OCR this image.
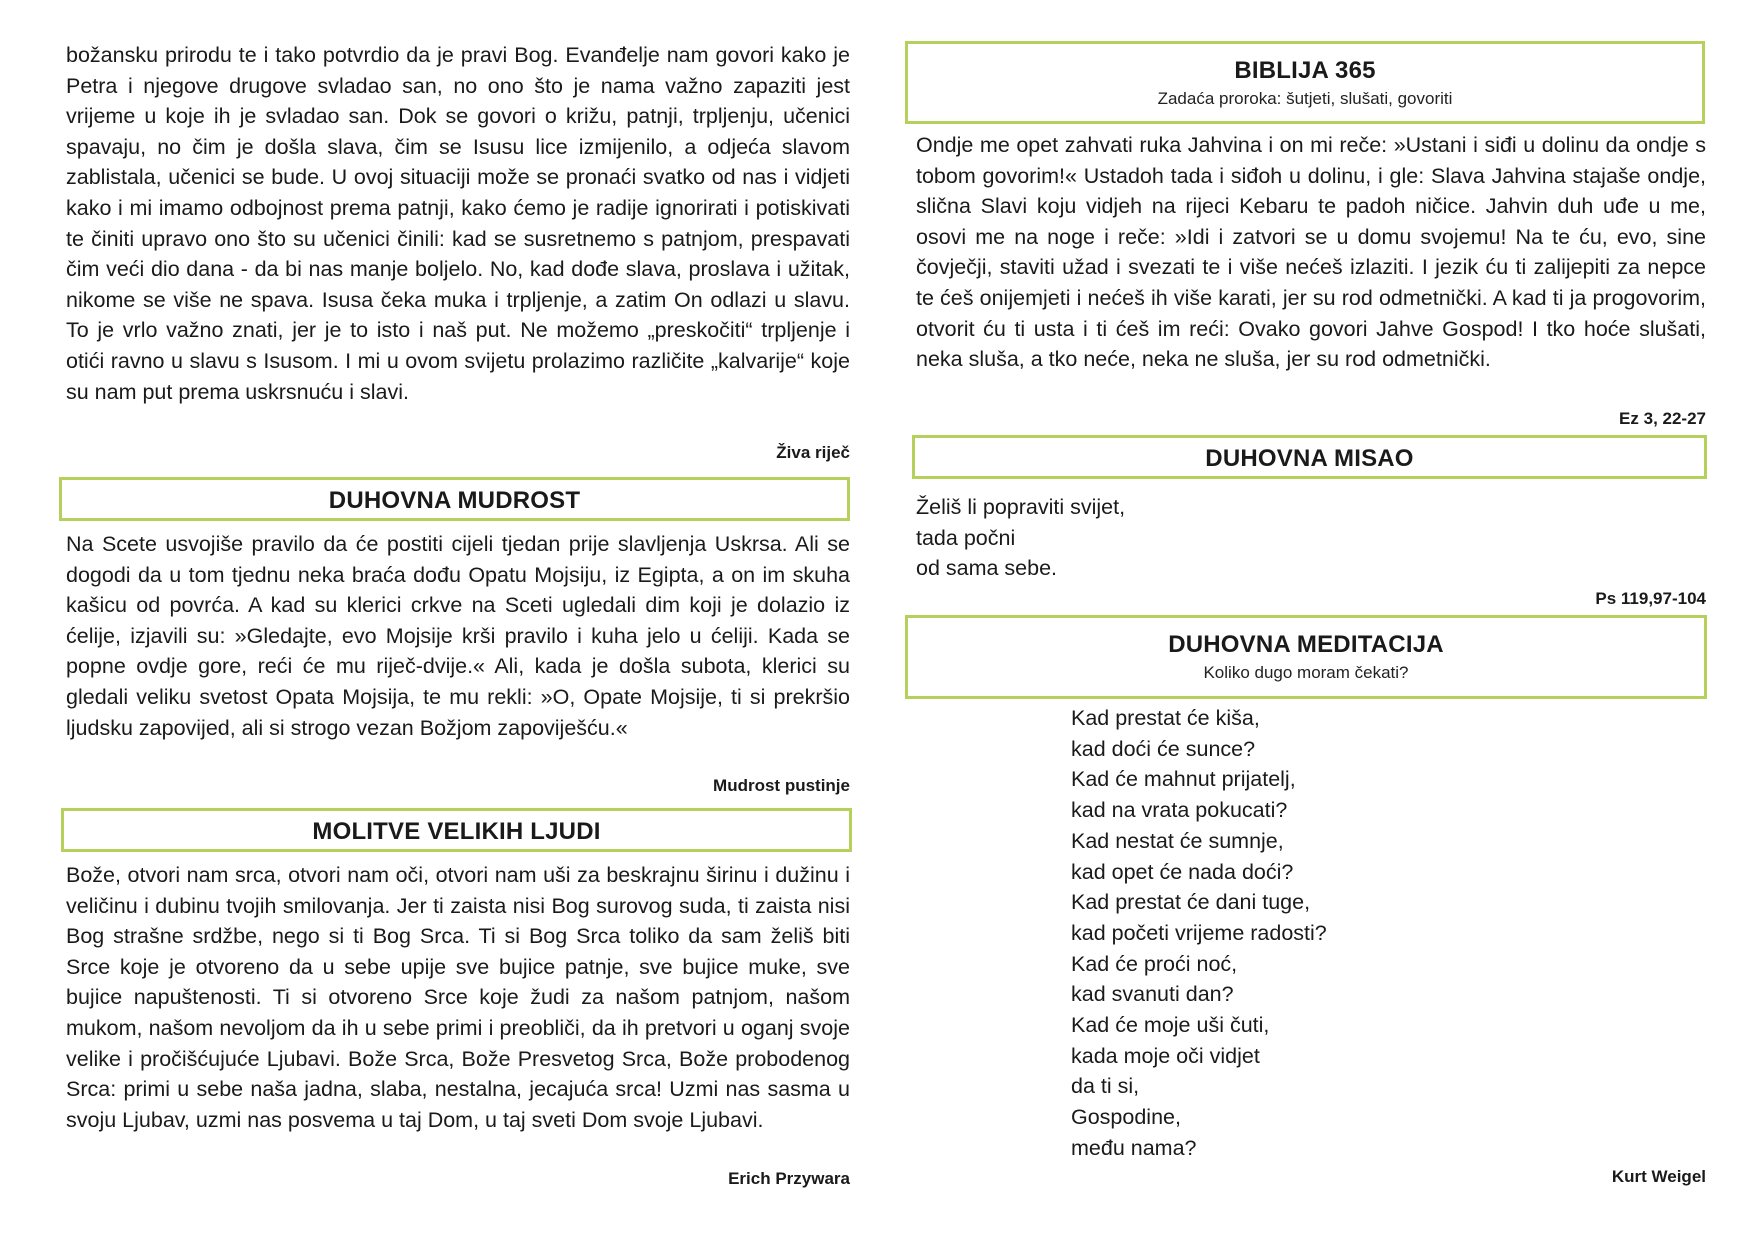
božansku prirodu te i tako potvrdio da je pravi Bog. Evanđelje nam govori kako je Petra i njegove drugove svladao san, no ono što je nama važno zapaziti jest vrijeme u koje ih je svladao san. Dok se govori o križu, patnji, trpljenju, učenici spavaju, no čim je došla slava, čim se Isusu lice izmijenilo, a odjeća slavom zablistala, učenici se bude. U ovoj situaciji može se pronaći svatko od nas i vidjeti kako i mi imamo odbojnost prema patnji, kako ćemo je radije ignorirati i potiskivati te činiti upravo ono što su učenici činili: kad se susretnemo s patnjom, prespavati čim veći dio dana - da bi nas manje boljelo. No, kad dođe slava, proslava i užitak, nikome se više ne spava. Isusa čeka muka i trpljenje, a zatim On odlazi u slavu. To je vrlo važno znati, jer je to isto i naš put. Ne možemo „preskočiti“ trpljenje i otići ravno u slavu s Isusom. I mi u ovom svijetu prolazimo različite „kalvarije“ koje su nam put prema uskrsnuću i slavi.

Živa riječ
DUHOVNA MUDROST

Na Scete usvojiše pravilo da će postiti cijeli tjedan prije slavljenja Uskrsa. Ali se dogodi da u tom tjednu neka braća dođu Opatu Mojsiju, iz Egipta, a on im skuha kašicu od povrća. A kad su klerici crkve na Sceti ugledali dim koji je dolazio iz ćelije, izjavili su: »Gledajte, evo Mojsije krši pravilo i kuha jelo u ćeliji. Kada se popne ovdje gore, reći će mu riječ-dvije.« Ali, kada je došla subota, klerici su gledali veliku svetost Opata Mojsija, te mu rekli: »O, Opate Mojsije, ti si prekršio ljudsku zapovijed, ali si strogo vezan Božjom zapoviješću.«

Mudrost pustinje
MOLITVE VELIKIH LJUDI

Bože, otvori nam srca, otvori nam oči, otvori nam uši za beskrajnu širinu i dužinu i veličinu i dubinu tvojih smilovanja. Jer ti zaista nisi Bog surovog suda, ti zaista nisi Bog strašne srdžbe, nego si ti Bog Srca. Ti si Bog Srca toliko da sam želiš biti Srce koje je otvoreno da u sebe upije sve bujice patnje, sve bujice muke, sve bujice napuštenosti. Ti si otvoreno Srce koje žudi za našom patnjom, našom mukom, našom nevoljom da ih u sebe primi i preobliči, da ih pretvori u oganj svoje velike i pročišćujuće Ljubavi. Bože Srca, Bože Presvetog Srca, Bože probodenog Srca: primi u sebe naša jadna, slaba, nestalna, jecajuća srca! Uzmi nas sasma u svoju Ljubav, uzmi nas posvema u taj Dom, u taj sveti Dom svoje Ljubavi.

Erich Przywara
BIBLIJA 365
Zadaća proroka: šutjeti, slušati, govoriti

Ondje me opet zahvati ruka Jahvina i on mi reče: »Ustani i siđi u dolinu da ondje s tobom govorim!« Ustadoh tada i siđoh u dolinu, i gle: Slava Jahvina stajaše ondje, slična Slavi koju vidjeh na rijeci Kebaru te padoh ničice. Jahvin duh uđe u me, osovi me na noge i reče: »Idi i zatvori se u domu svojemu! Na te ću, evo, sine čovječji, staviti užad i svezati te i više nećeš izlaziti. I jezik ću ti zalijepiti za nepce te ćeš onijemjeti i nećeš ih više karati, jer su rod odmetnički. A kad ti ja progovorim, otvorit ću ti usta i ti ćeš im reći: Ovako govori Jahve Gospod! I tko hoće slušati, neka sluša, a tko neće, neka ne sluša, jer su rod odmetnički.

Ez 3, 22-27
DUHOVNA MISAO
Želiš li popraviti svijet,
tada počni
od sama sebe.
Ps 119,97-104
DUHOVNA MEDITACIJA
Koliko dugo moram čekati?
Kad prestat će kiša,
kad doći će sunce?
Kad će mahnut prijatelj,
kad na vrata pokucati?
Kad nestat će sumnje,
kad opet će nada doći?
Kad prestat će dani tuge,
kad početi vrijeme radosti?
Kad će proći noć,
kad svanuti dan?
Kad će moje uši čuti,
kada moje oči vidjet
da ti si,
Gospodine,
među nama?
Kurt Weigel
